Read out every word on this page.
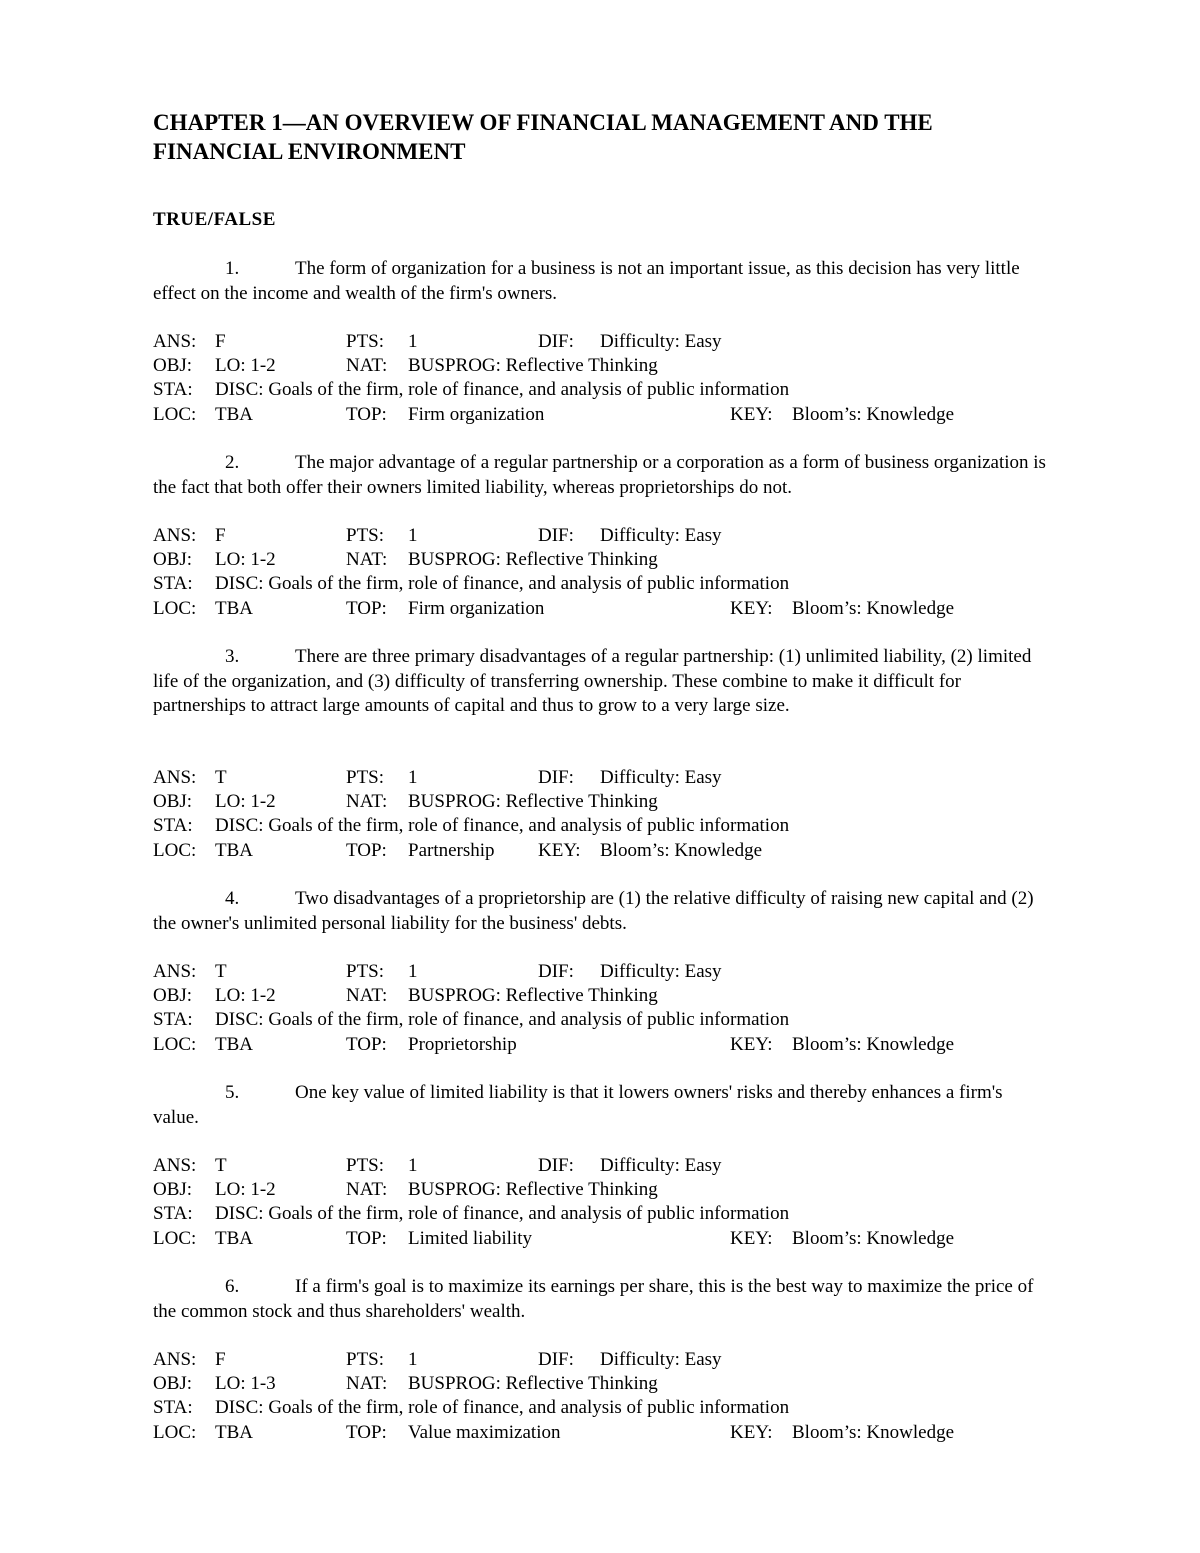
CHAPTER 1—AN OVERVIEW OF FINANCIAL MANAGEMENT AND THE
FINANCIAL ENVIRONMENT
TRUE/FALSE
1.	The form of organization for a business is not an important issue, as this decision has very little effect on the income and wealth of the firm's owners.
ANS: F	PTS: 1	DIF: Difficulty: Easy
OBJ: LO: 1-2	NAT: BUSPROG: Reflective Thinking
STA: DISC: Goals of the firm, role of finance, and analysis of public information
LOC: TBA	TOP: Firm organization	KEY: Bloom’s: Knowledge
2.	The major advantage of a regular partnership or a corporation as a form of business organization is the fact that both offer their owners limited liability, whereas proprietorships do not.
ANS: F	PTS: 1	DIF: Difficulty: Easy
OBJ: LO: 1-2	NAT: BUSPROG: Reflective Thinking
STA: DISC: Goals of the firm, role of finance, and analysis of public information
LOC: TBA	TOP: Firm organization	KEY: Bloom’s: Knowledge
3.	There are three primary disadvantages of a regular partnership: (1) unlimited liability, (2) limited life of the organization, and (3) difficulty of transferring ownership. These combine to make it difficult for partnerships to attract large amounts of capital and thus to grow to a very large size.
ANS: T	PTS: 1	DIF: Difficulty: Easy
OBJ: LO: 1-2	NAT: BUSPROG: Reflective Thinking
STA: DISC: Goals of the firm, role of finance, and analysis of public information
LOC: TBA	TOP: Partnership KEY: Bloom’s: Knowledge
4.	Two disadvantages of a proprietorship are (1) the relative difficulty of raising new capital and (2) the owner's unlimited personal liability for the business' debts.
ANS: T	PTS: 1	DIF: Difficulty: Easy
OBJ: LO: 1-2	NAT: BUSPROG: Reflective Thinking
STA: DISC: Goals of the firm, role of finance, and analysis of public information
LOC: TBA	TOP: Proprietorship	KEY: Bloom’s: Knowledge
5.	One key value of limited liability is that it lowers owners' risks and thereby enhances a firm's value.
ANS: T	PTS: 1	DIF: Difficulty: Easy
OBJ: LO: 1-2	NAT: BUSPROG: Reflective Thinking
STA: DISC: Goals of the firm, role of finance, and analysis of public information
LOC: TBA	TOP: Limited liability	KEY: Bloom’s: Knowledge
6.	If a firm's goal is to maximize its earnings per share, this is the best way to maximize the price of the common stock and thus shareholders' wealth.
ANS: F	PTS: 1	DIF: Difficulty: Easy
OBJ: LO: 1-3	NAT: BUSPROG: Reflective Thinking
STA: DISC: Goals of the firm, role of finance, and analysis of public information
LOC: TBA	TOP: Value maximization	KEY: Bloom’s: Knowledge
